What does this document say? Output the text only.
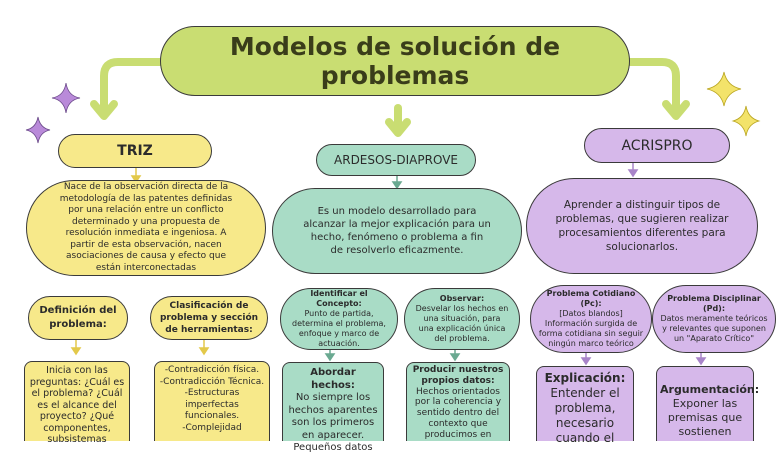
Modelos de solución de problemas
TRIZ
Nace de la observación directa de la metodología de las patentes definidas por una relación entre un conflicto determinado y una propuesta de resolución inmediata e ingeniosa. A partir de esta observación, nacen asociaciones de causa y efecto que están interconectadas
Definición del problema:
Clasificación de problema y sección de herramientas:
Inicia con las preguntas: ¿Cuál es el problema? ¿Cuál es el alcance del proyecto? ¿Qué componentes, subsistemas
-Contradicción física.
-Contradicción Técnica.
-Estructuras imperfectas funcionales.
-Complejidad
ARDESOS-DIAPROVE
Es un modelo desarrollado para alcanzar la mejor explicación para un hecho, fenómeno o problema a fin de resolverlo eficazmente.
Identificar el Concepto:
Punto de partida, determina el problema, enfoque y marco de actuación.
Observar:
Desvelar los hechos en una situación, para una explicación única del problema.
Abordar hechos:
No siempre los hechos aparentes son los primeros en aparecer. Pequeños datos
Producir nuestros propios datos:
Hechos orientados por la coherencia y sentido dentro del contexto que producimos en
ACRISPRO
Aprender a distinguir tipos de problemas, que sugieren realizar procesamientos diferentes para solucionarlos.
Problema Cotidiano (Pc):
[Datos blandos] Información surgida de forma cotidiana sin seguir ningún marco teórico
Problema Disciplinar (Pd):
Datos meramente teóricos y relevantes que suponen un "Aparato Crítico"
Explicación:
Entender el problema, necesario cuando el
Argumentación:
Exponer las premisas que sostienen
